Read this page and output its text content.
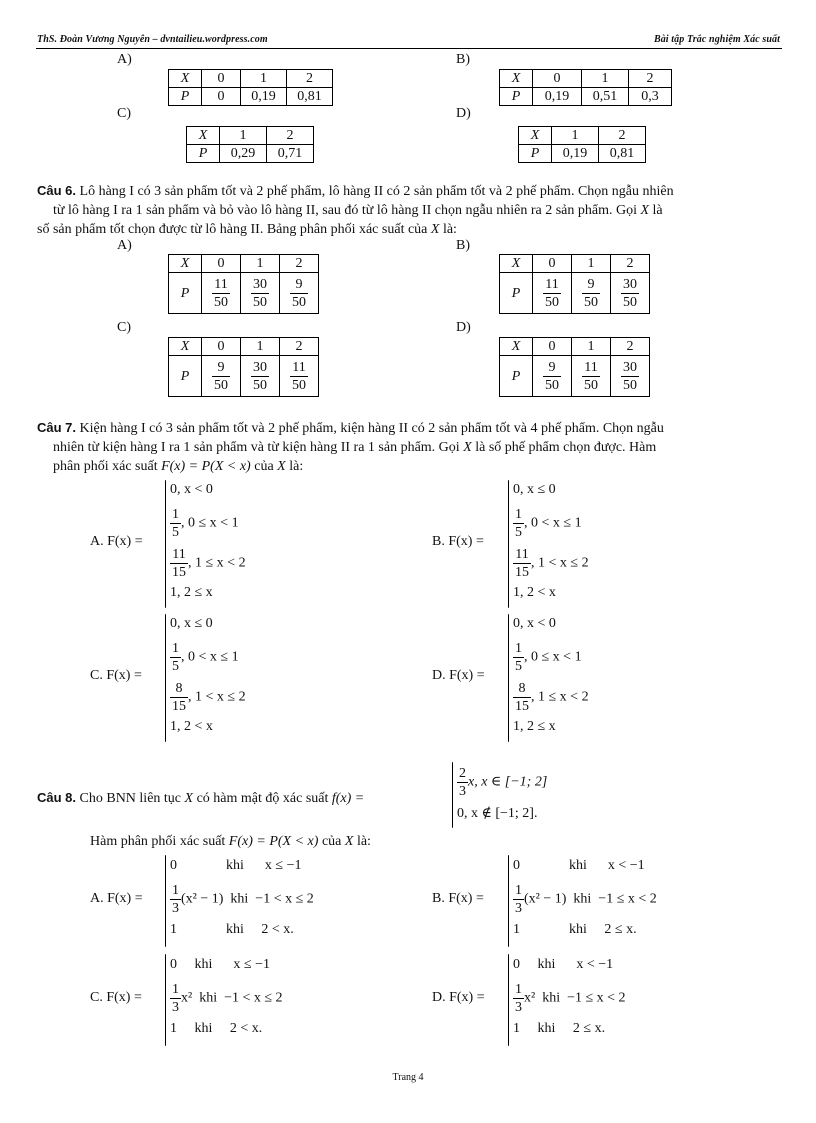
ThS. Đoàn Vương Nguyên – dvntailieu.wordpress.com	Bài tập Trắc nghiệm Xác suất
A)
X	0	1	2
P	0	0,19	0,81
B)
X	0	1	2
P	0,19	0,51	0,3
C)
X	1	2
P	0,29	0,71
D)
X	1	2
P	0,19	0,81
Câu 6. Lô hàng I có 3 sản phẩm tốt và 2 phế phẩm, lô hàng II có 2 sản phẩm tốt và 2 phế phẩm. Chọn ngẫu nhiên
từ lô hàng I ra 1 sản phẩm và bỏ vào lô hàng II, sau đó từ lô hàng II chọn ngẫu nhiên ra 2 sản phẩm. Gọi X là
số sản phẩm tốt chọn được từ lô hàng II. Bảng phân phối xác suất của X là:
A)
X	0	1	2
P	$\frac{11}{50}$	$\frac{30}{50}$	$\frac{9}{50}$
B)
X	0	1	2
P	$\frac{11}{50}$	$\frac{9}{50}$	$\frac{30}{50}$
C)
X	0	1	2
P	$\frac{9}{50}$	$\frac{30}{50}$	$\frac{11}{50}$
D)
X	0	1	2
P	$\frac{9}{50}$	$\frac{11}{50}$	$\frac{30}{50}$
Câu 7. Kiện hàng I có 3 sản phẩm tốt và 2 phế phẩm, kiện hàng II có 2 sản phẩm tốt và 4 phế phẩm. Chọn ngẫu
nhiên từ kiện hàng I ra 1 sản phẩm và từ kiện hàng II ra 1 sản phẩm. Gọi X là số phế phẩm chọn được. Hàm
phân phối xác suất F(x) = P(X < x) của X là:
A. F(x) =
0, x < 0
$\frac{1}{5}$ , 0 ≤ x < 1
$\frac{11}{15}$ , 1 ≤ x < 2
1, 2 ≤ x
B. F(x) =
0, x ≤ 0
$\frac{1}{5}$ , 0 < x ≤ 1
$\frac{11}{15}$ , 1 < x ≤ 2
1, 2 < x
C. F(x) =
0, x ≤ 0
$\frac{1}{5}$ , 0 < x ≤ 1
$\frac{8}{15}$ , 1 < x ≤ 2
1, 2 < x
D. F(x) =
0, x < 0
$\frac{1}{5}$ , 0 ≤ x < 1
$\frac{8}{15}$ , 1 ≤ x < 2
1, 2 ≤ x
Câu 8. Cho BNN liên tục X có hàm mật độ xác suất f(x) =	$\frac{2}{3} x$, x ∈ [−1; 2]
0, x ∉ [−1; 2].
Hàm phân phối xác suất F(x) = P(X < x) của X là:
A. F(x) =
0              khi      x ≤ −1
$\frac{1}{3} (x^2 - 1)$  khi  −1 < x ≤ 2
1              khi     2 < x.
B. F(x) =
0              khi      x < −1
$\frac{1}{3} (x^2 - 1)$  khi  −1 ≤ x < 2
1              khi     2 ≤ x.
C. F(x) =
0     khi      x ≤ −1
$\frac{1}{3} x^2$  khi  −1 < x ≤ 2
1     khi     2 < x.
D. F(x) =
0     khi      x < −1
$\frac{1}{3} x^2$  khi  −1 ≤ x < 2
1     khi     2 ≤ x.
Trang 4
